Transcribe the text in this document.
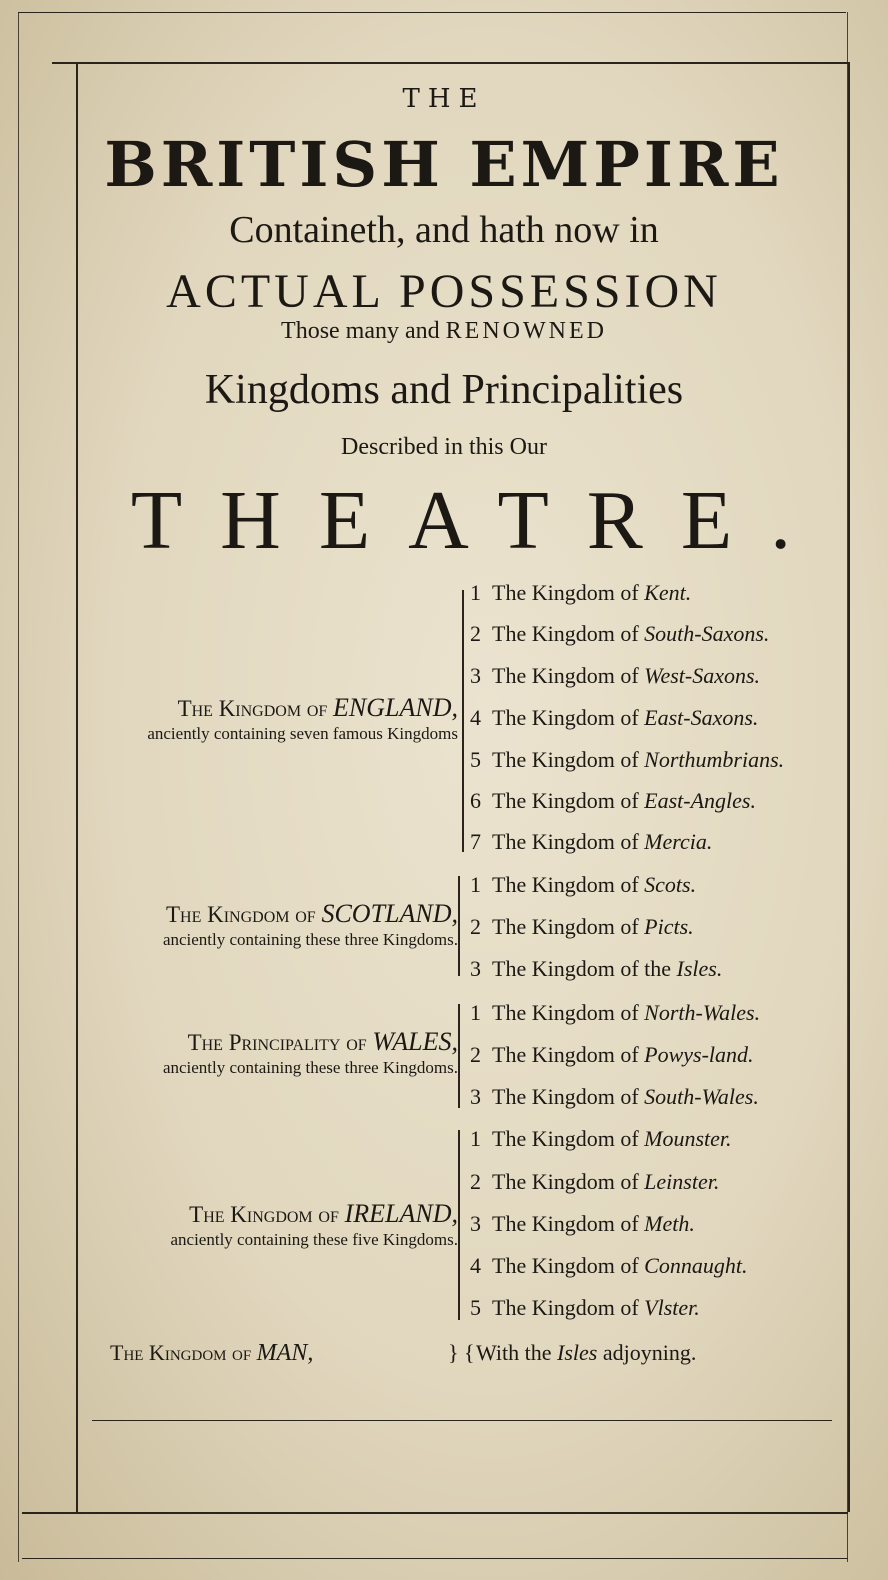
THE
BRITISH EMPIRE
Containeth, and hath now in
ACTUAL POSSESSION
Those many and RENOWNED
Kingdoms and Principalities
Described in this Our
THEATRE.
The Kingdom of ENGLAND,
anciently containing seven famous Kingdoms
1 The Kingdom of Kent.
2 The Kingdom of South-Saxons.
3 The Kingdom of West-Saxons.
4 The Kingdom of East-Saxons.
5 The Kingdom of Northumbrians.
6 The Kingdom of East-Angles.
7 The Kingdom of Mercia.
The Kingdom of SCOTLAND,
anciently containing these three Kingdoms.
1 The Kingdom of Scots.
2 The Kingdom of Picts.
3 The Kingdom of the Isles.
The Principality of WALES,
anciently containing these three Kingdoms.
1 The Kingdom of North-Wales.
2 The Kingdom of Powys-land.
3 The Kingdom of South-Wales.
The Kingdom of IRELAND,
anciently containing these five Kingdoms.
1 The Kingdom of Mounster.
2 The Kingdom of Leinster.
3 The Kingdom of Meth.
4 The Kingdom of Connaught.
5 The Kingdom of Vlster.
The Kingdom of MAN,	} { With the Isles adjoyning.
